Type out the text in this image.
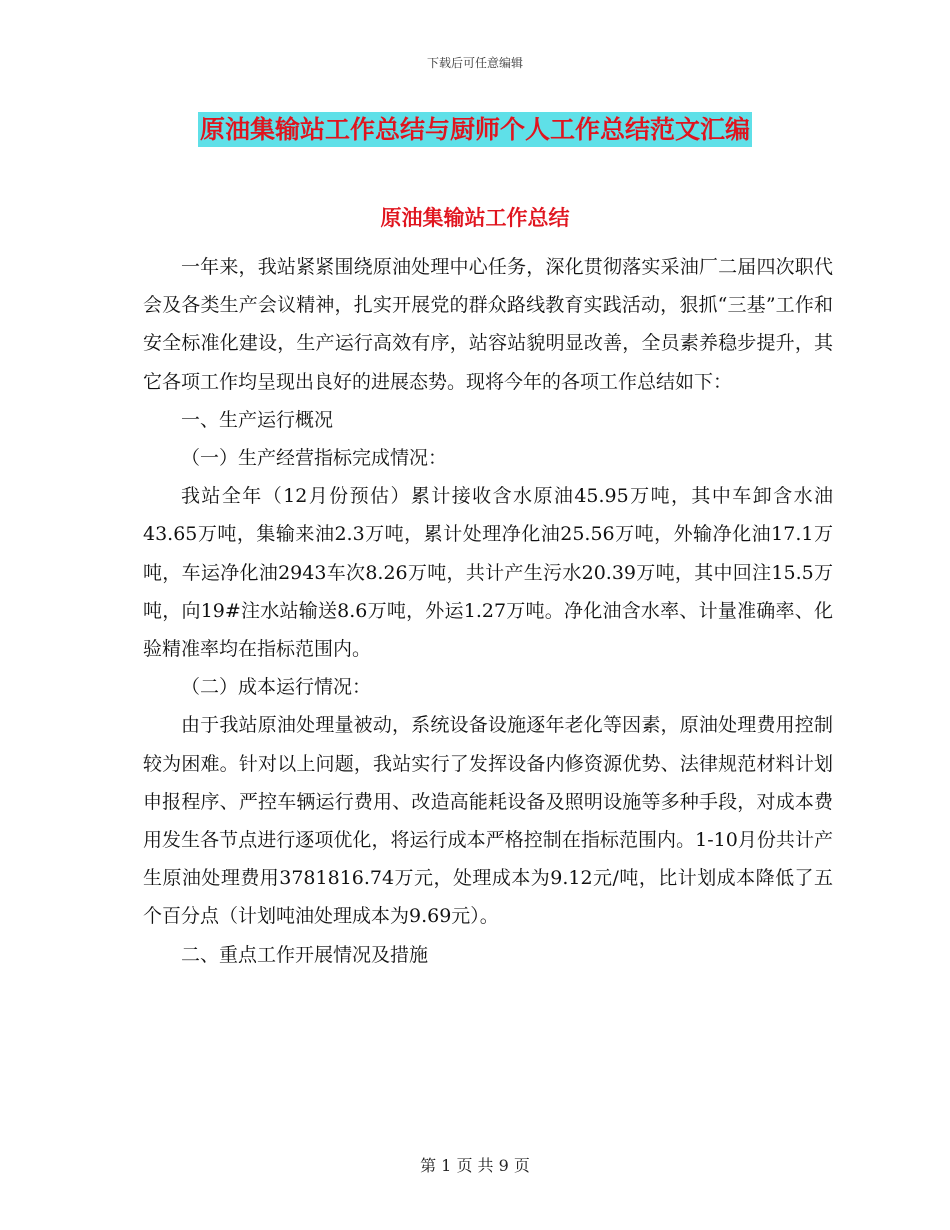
下载后可任意编辑
原油集输站工作总结与厨师个人工作总结范文汇编
原油集输站工作总结

一年来，我站紧紧围绕原油处理中心任务，深化贯彻落实采油厂二届四次职代会及各类生产会议精神，扎实开展党的群众路线教育实践活动，狠抓“三基”工作和安全标准化建设，生产运行高效有序，站容站貌明显改善，全员素养稳步提升，其它各项工作均呈现出良好的进展态势。现将今年的各项工作总结如下：

一、生产运行概况

（一）生产经营指标完成情况：

我站全年（12月份预估）累计接收含水原油45.95万吨，其中车卸含水油43.65万吨，集输来油2.3万吨，累计处理净化油25.56万吨，外输净化油17.1万吨，车运净化油2943车次8.26万吨，共计产生污水20.39万吨，其中回注15.5万吨，向19#注水站输送8.6万吨，外运1.27万吨。净化油含水率、计量准确率、化验精准率均在指标范围内。

（二）成本运行情况：

由于我站原油处理量被动，系统设备设施逐年老化等因素，原油处理费用控制较为困难。针对以上问题，我站实行了发挥设备内修资源优势、法律规范材料计划申报程序、严控车辆运行费用、改造高能耗设备及照明设施等多种手段，对成本费用发生各节点进行逐项优化，将运行成本严格控制在指标范围内。1-10月份共计产生原油处理费用3781816.74万元，处理成本为9.12元/吨，比计划成本降低了五个百分点（计划吨油处理成本为9.69元）。

二、重点工作开展情况及措施

第 1 页 共 9 页
